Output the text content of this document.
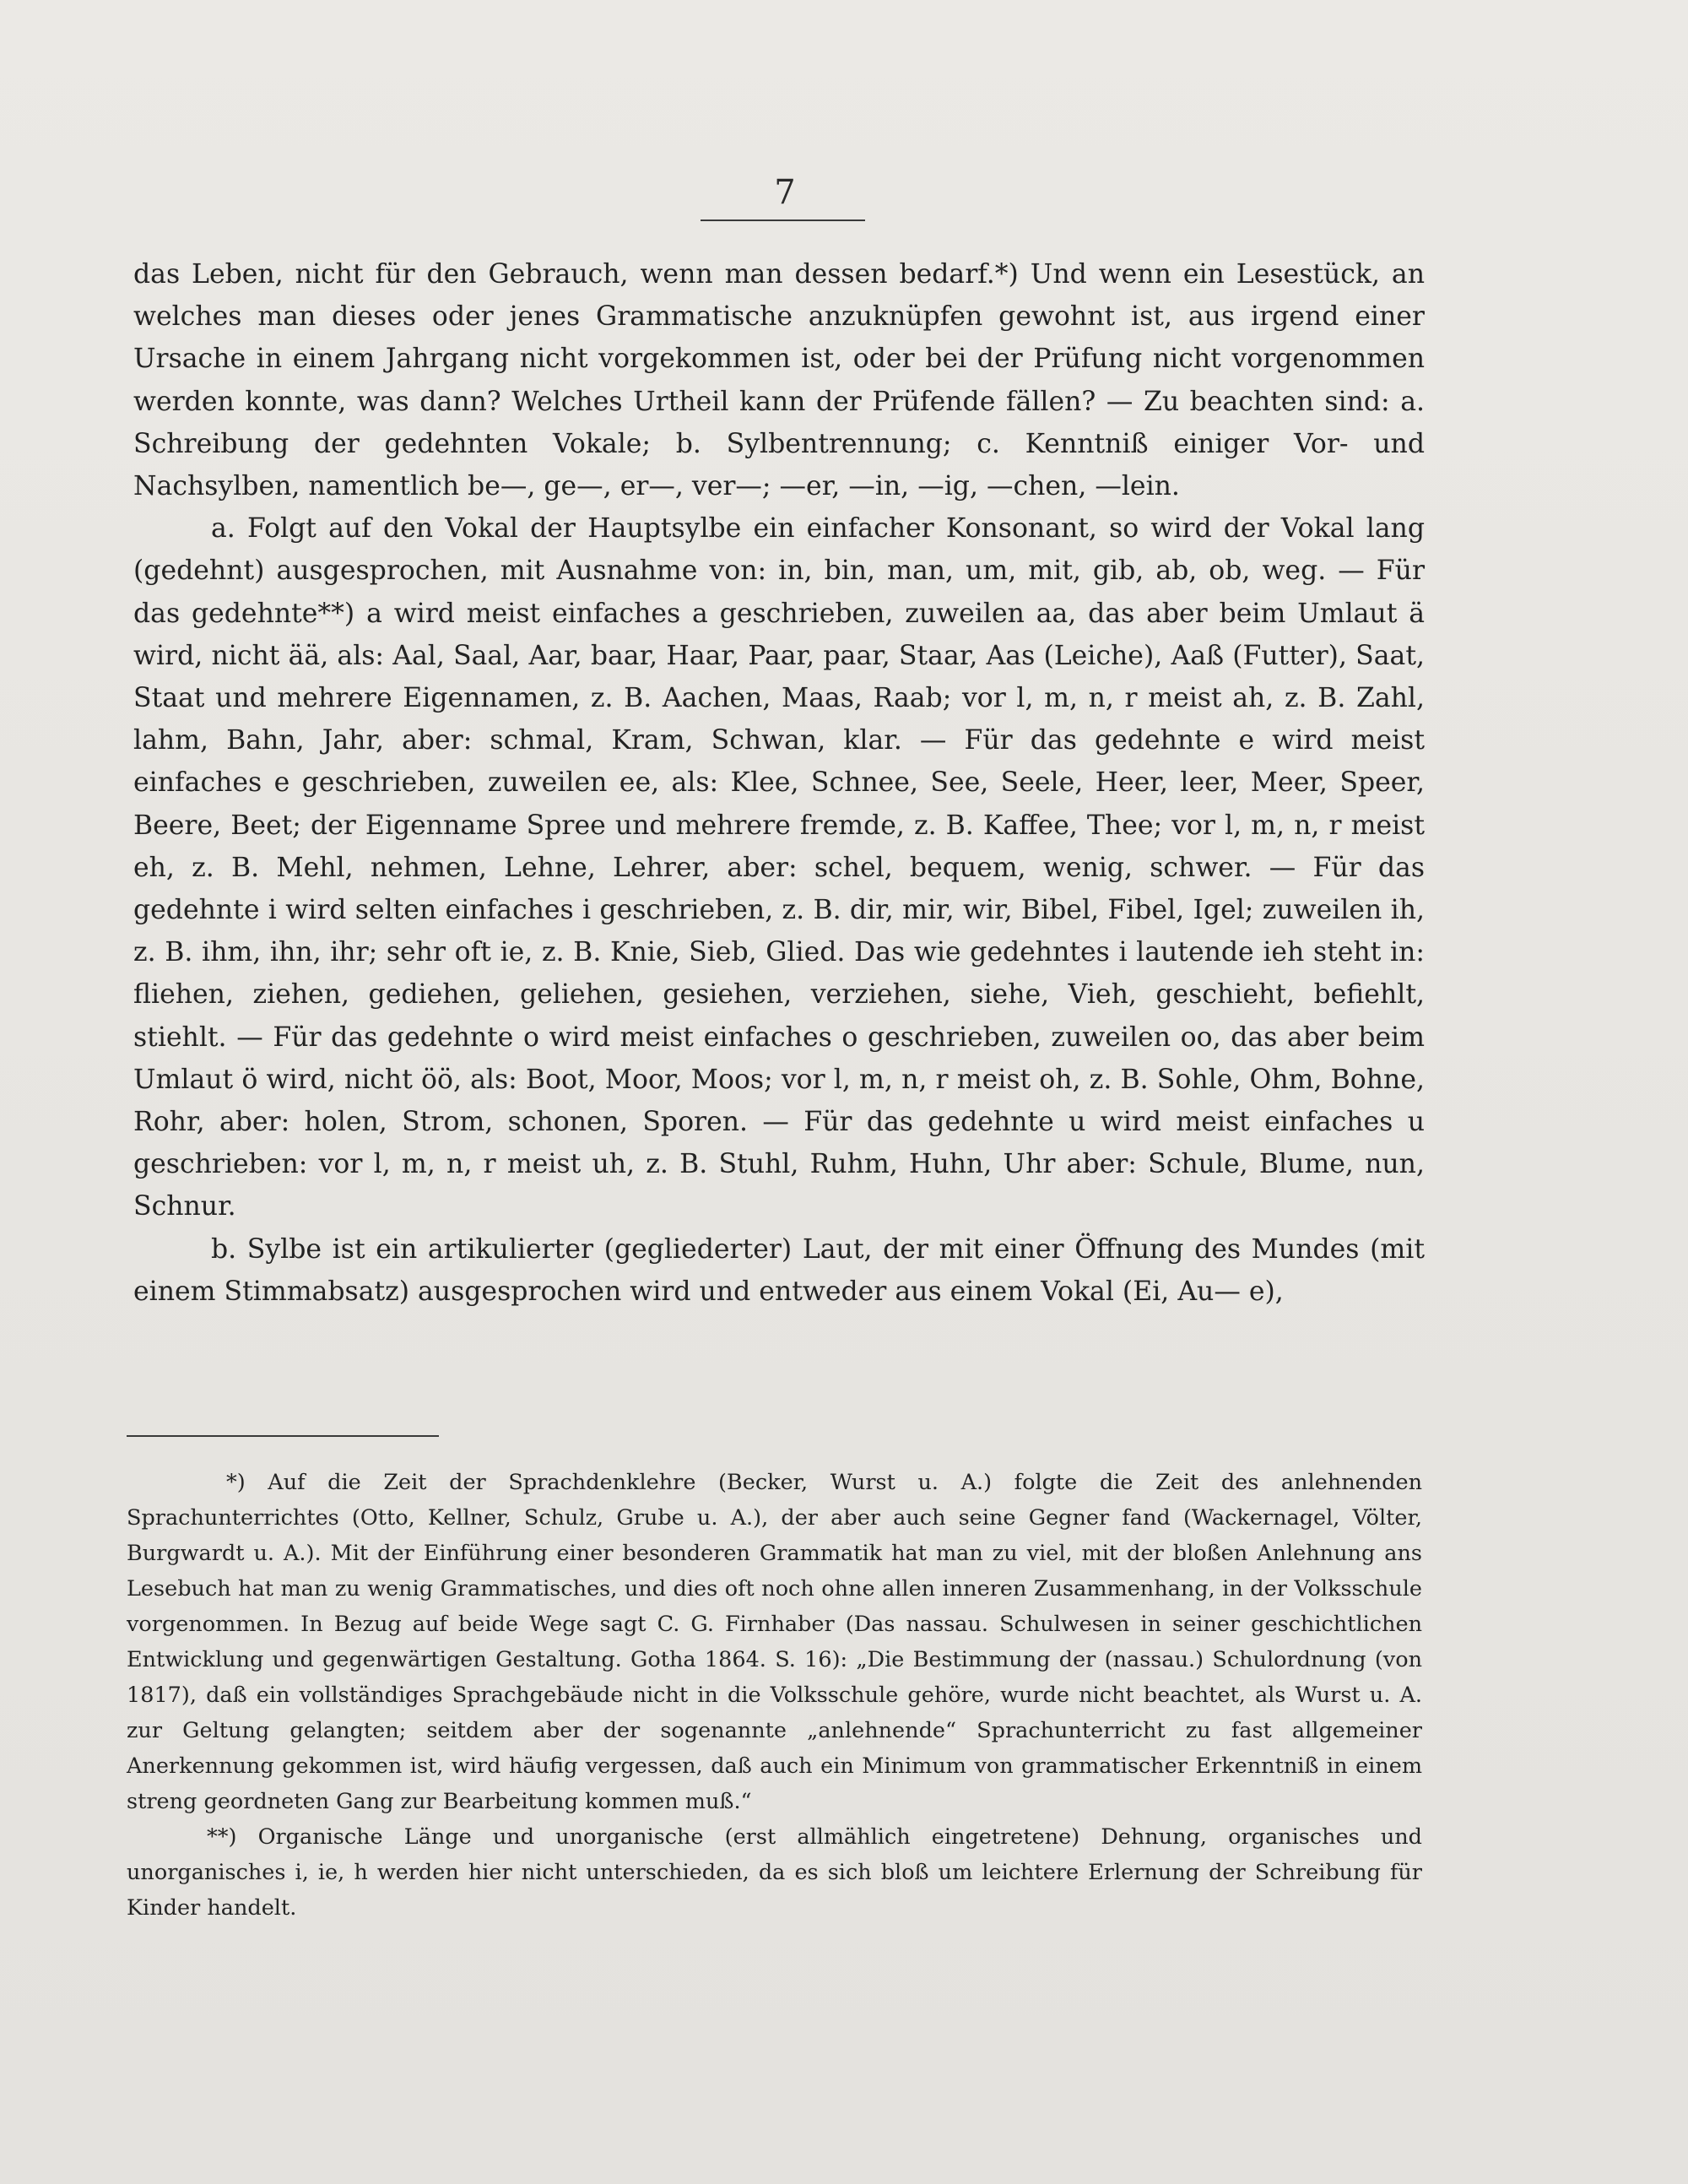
7

das Leben, nicht für den Gebrauch, wenn man dessen bedarf.*) Und wenn ein Lesestück, an welches man dieses oder jenes Grammatische anzuknüpfen gewohnt ist, aus irgend einer Ursache in einem Jahrgang nicht vorgekommen ist, oder bei der Prüfung nicht vorgenommen werden konnte, was dann? Welches Urtheil kann der Prüfende fällen? — Zu beachten sind: a. Schreibung der gedehnten Vokale; b. Sylbentrennung; c. Kenntniß einiger Vor- und Nachsylben, namentlich be—, ge—, er—, ver—; —er, —in, —ig, —chen, —lein.

a. Folgt auf den Vokal der Hauptsylbe ein einfacher Konsonant, so wird der Vokal lang (gedehnt) ausgesprochen, mit Ausnahme von: in, bin, man, um, mit, gib, ab, ob, weg. — Für das gedehnte**) a wird meist einfaches a geschrieben, zuweilen aa, das aber beim Umlaut ä wird, nicht ää, als: Aal, Saal, Aar, baar, Haar, Paar, paar, Staar, Aas (Leiche), Aaß (Futter), Saat, Staat und mehrere Eigennamen, z. B. Aachen, Maas, Raab; vor l, m, n, r meist ah, z. B. Zahl, lahm, Bahn, Jahr, aber: schmal, Kram, Schwan, klar. — Für das gedehnte e wird meist einfaches e geschrieben, zuweilen ee, als: Klee, Schnee, See, Seele, Heer, leer, Meer, Speer, Beere, Beet; der Eigenname Spree und mehrere fremde, z. B. Kaffee, Thee; vor l, m, n, r meist eh, z. B. Mehl, nehmen, Lehne, Lehrer, aber: schel, bequem, wenig, schwer. — Für das gedehnte i wird selten einfaches i geschrieben, z. B. dir, mir, wir, Bibel, Fibel, Igel; zuweilen ih, z. B. ihm, ihn, ihr; sehr oft ie, z. B. Knie, Sieb, Glied. Das wie gedehntes i lautende ieh steht in: fliehen, ziehen, gediehen, geliehen, gesiehen, verziehen, siehe, Vieh, geschieht, befiehlt, stiehlt. — Für das gedehnte o wird meist einfaches o geschrieben, zuweilen oo, das aber beim Umlaut ö wird, nicht öö, als: Boot, Moor, Moos; vor l, m, n, r meist oh, z. B. Sohle, Ohm, Bohne, Rohr, aber: holen, Strom, schonen, Sporen. — Für das gedehnte u wird meist einfaches u geschrieben: vor l, m, n, r meist uh, z. B. Stuhl, Ruhm, Huhn, Uhr aber: Schule, Blume, nun, Schnur.

b. Sylbe ist ein artikulierter (gegliederter) Laut, der mit einer Öffnung des Mundes (mit einem Stimmabsatz) ausgesprochen wird und entweder aus einem Vokal (Ei, Au— e),

*) Auf die Zeit der Sprachdenklehre (Becker, Wurst u. A.) folgte die Zeit des anlehnenden Sprachunterrichtes (Otto, Kellner, Schulz, Grube u. A.), der aber auch seine Gegner fand (Wackernagel, Völter, Burgwardt u. A.). Mit der Einführung einer besonderen Grammatik hat man zu viel, mit der bloßen Anlehnung ans Lesebuch hat man zu wenig Grammatisches, und dies oft noch ohne allen inneren Zusammenhang, in der Volksschule vorgenommen. In Bezug auf beide Wege sagt C. G. Firnhaber (Das nassau. Schulwesen in seiner geschichtlichen Entwicklung und gegenwärtigen Gestaltung. Gotha 1864. S. 16): „Die Bestimmung der (nassau.) Schulordnung (von 1817), daß ein vollständiges Sprachgebäude nicht in die Volksschule gehöre, wurde nicht beachtet, als Wurst u. A. zur Geltung gelangten; seitdem aber der sogenannte „anlehnende“ Sprachunterricht zu fast allgemeiner Anerkennung gekommen ist, wird häufig vergessen, daß auch ein Minimum von grammatischer Erkenntniß in einem streng geordneten Gang zur Bearbeitung kommen muß.“

**) Organische Länge und unorganische (erst allmählich eingetretene) Dehnung, organisches und unorganisches i, ie, h werden hier nicht unterschieden, da es sich bloß um leichtere Erlernung der Schreibung für Kinder handelt.
